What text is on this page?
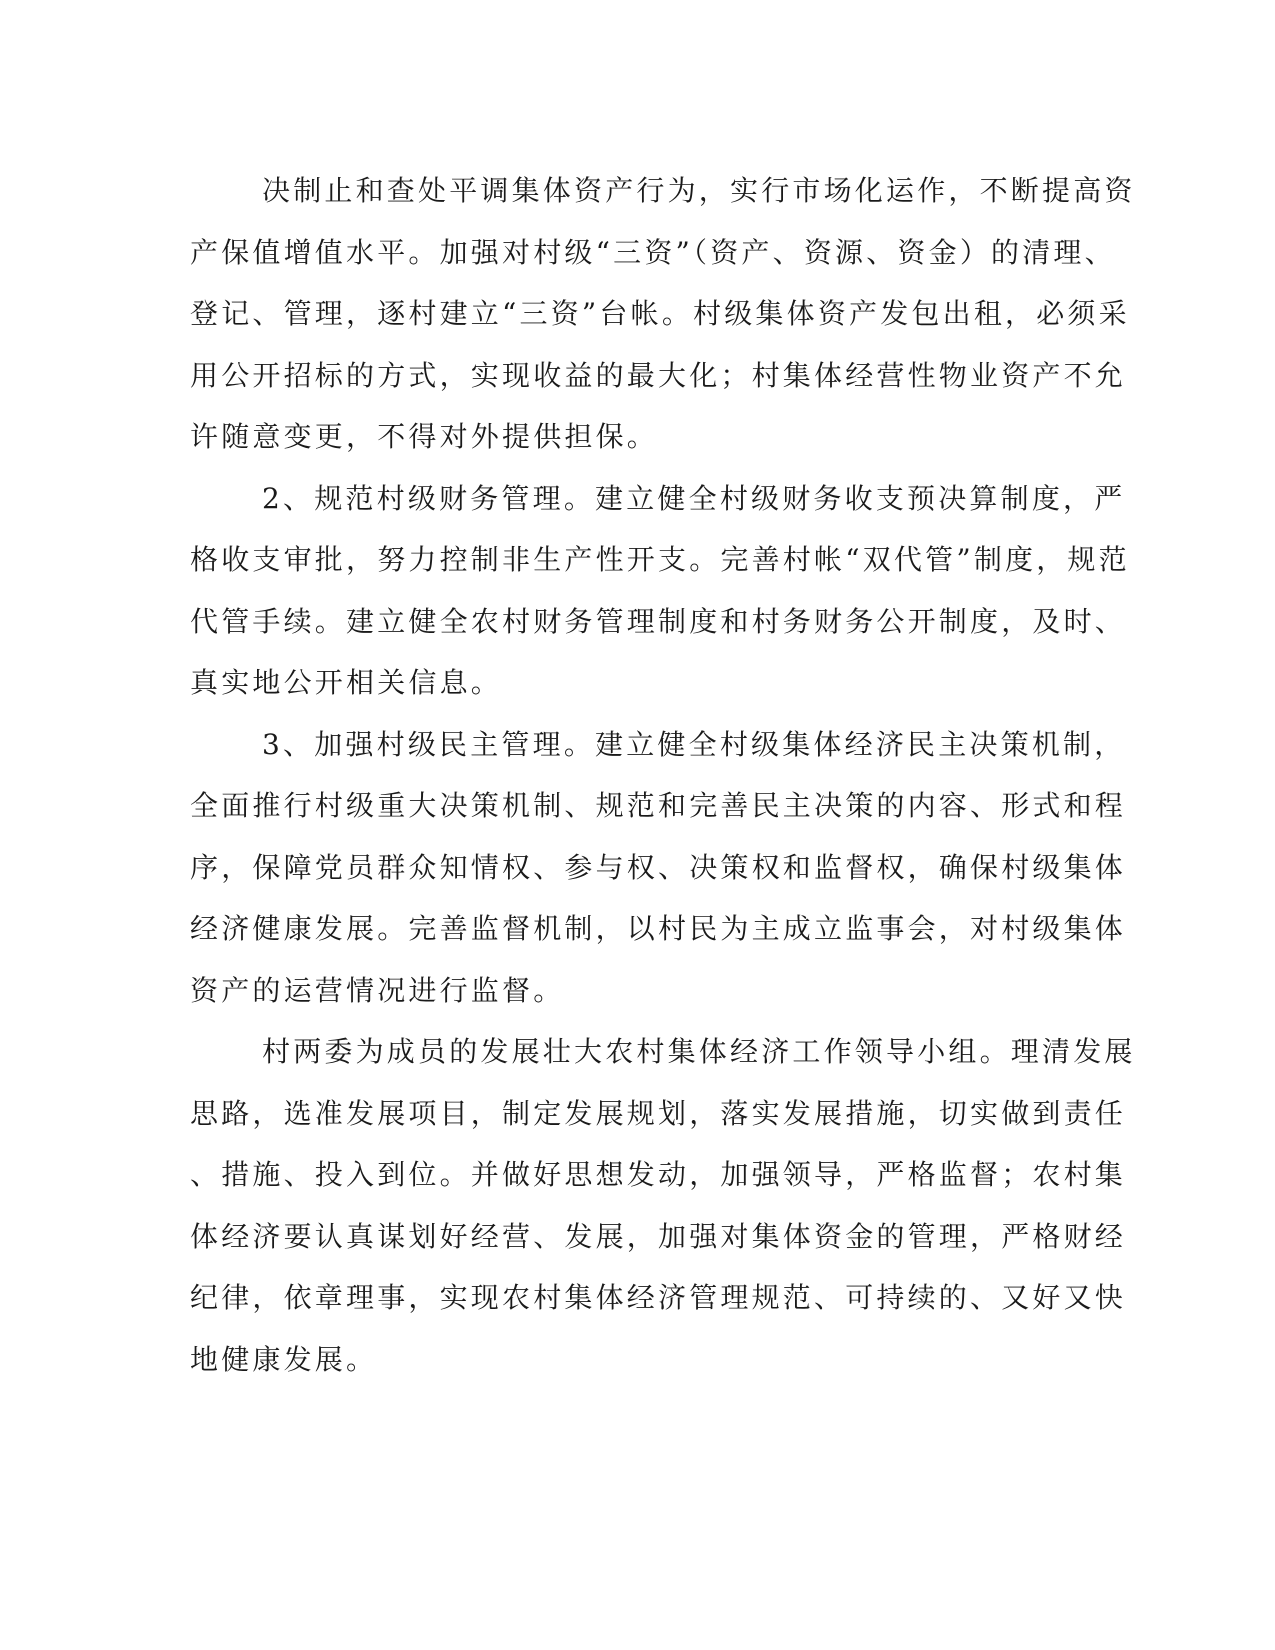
决制止和查处平调集体资产行为，实行市场化运作，不断提高资
产保值增值水平。加强对村级“三资”（资产、资源、资金）的清理、
登记、管理，逐村建立“三资”台帐。村级集体资产发包出租，必须采
用公开招标的方式，实现收益的最大化；村集体经营性物业资产不允
许随意变更，不得对外提供担保。
2、规范村级财务管理。建立健全村级财务收支预决算制度，严
格收支审批，努力控制非生产性开支。完善村帐“双代管”制度，规范
代管手续。建立健全农村财务管理制度和村务财务公开制度，及时、
真实地公开相关信息。
3、加强村级民主管理。建立健全村级集体经济民主决策机制，
全面推行村级重大决策机制、规范和完善民主决策的内容、形式和程
序，保障党员群众知情权、参与权、决策权和监督权，确保村级集体
经济健康发展。完善监督机制，以村民为主成立监事会，对村级集体
资产的运营情况进行监督。
村两委为成员的发展壮大农村集体经济工作领导小组。理清发展
思路，选准发展项目，制定发展规划，落实发展措施，切实做到责任
、措施、投入到位。并做好思想发动，加强领导，严格监督；农村集
体经济要认真谋划好经营、发展，加强对集体资金的管理，严格财经
纪律，依章理事，实现农村集体经济管理规范、可持续的、又好又快
地健康发展。
